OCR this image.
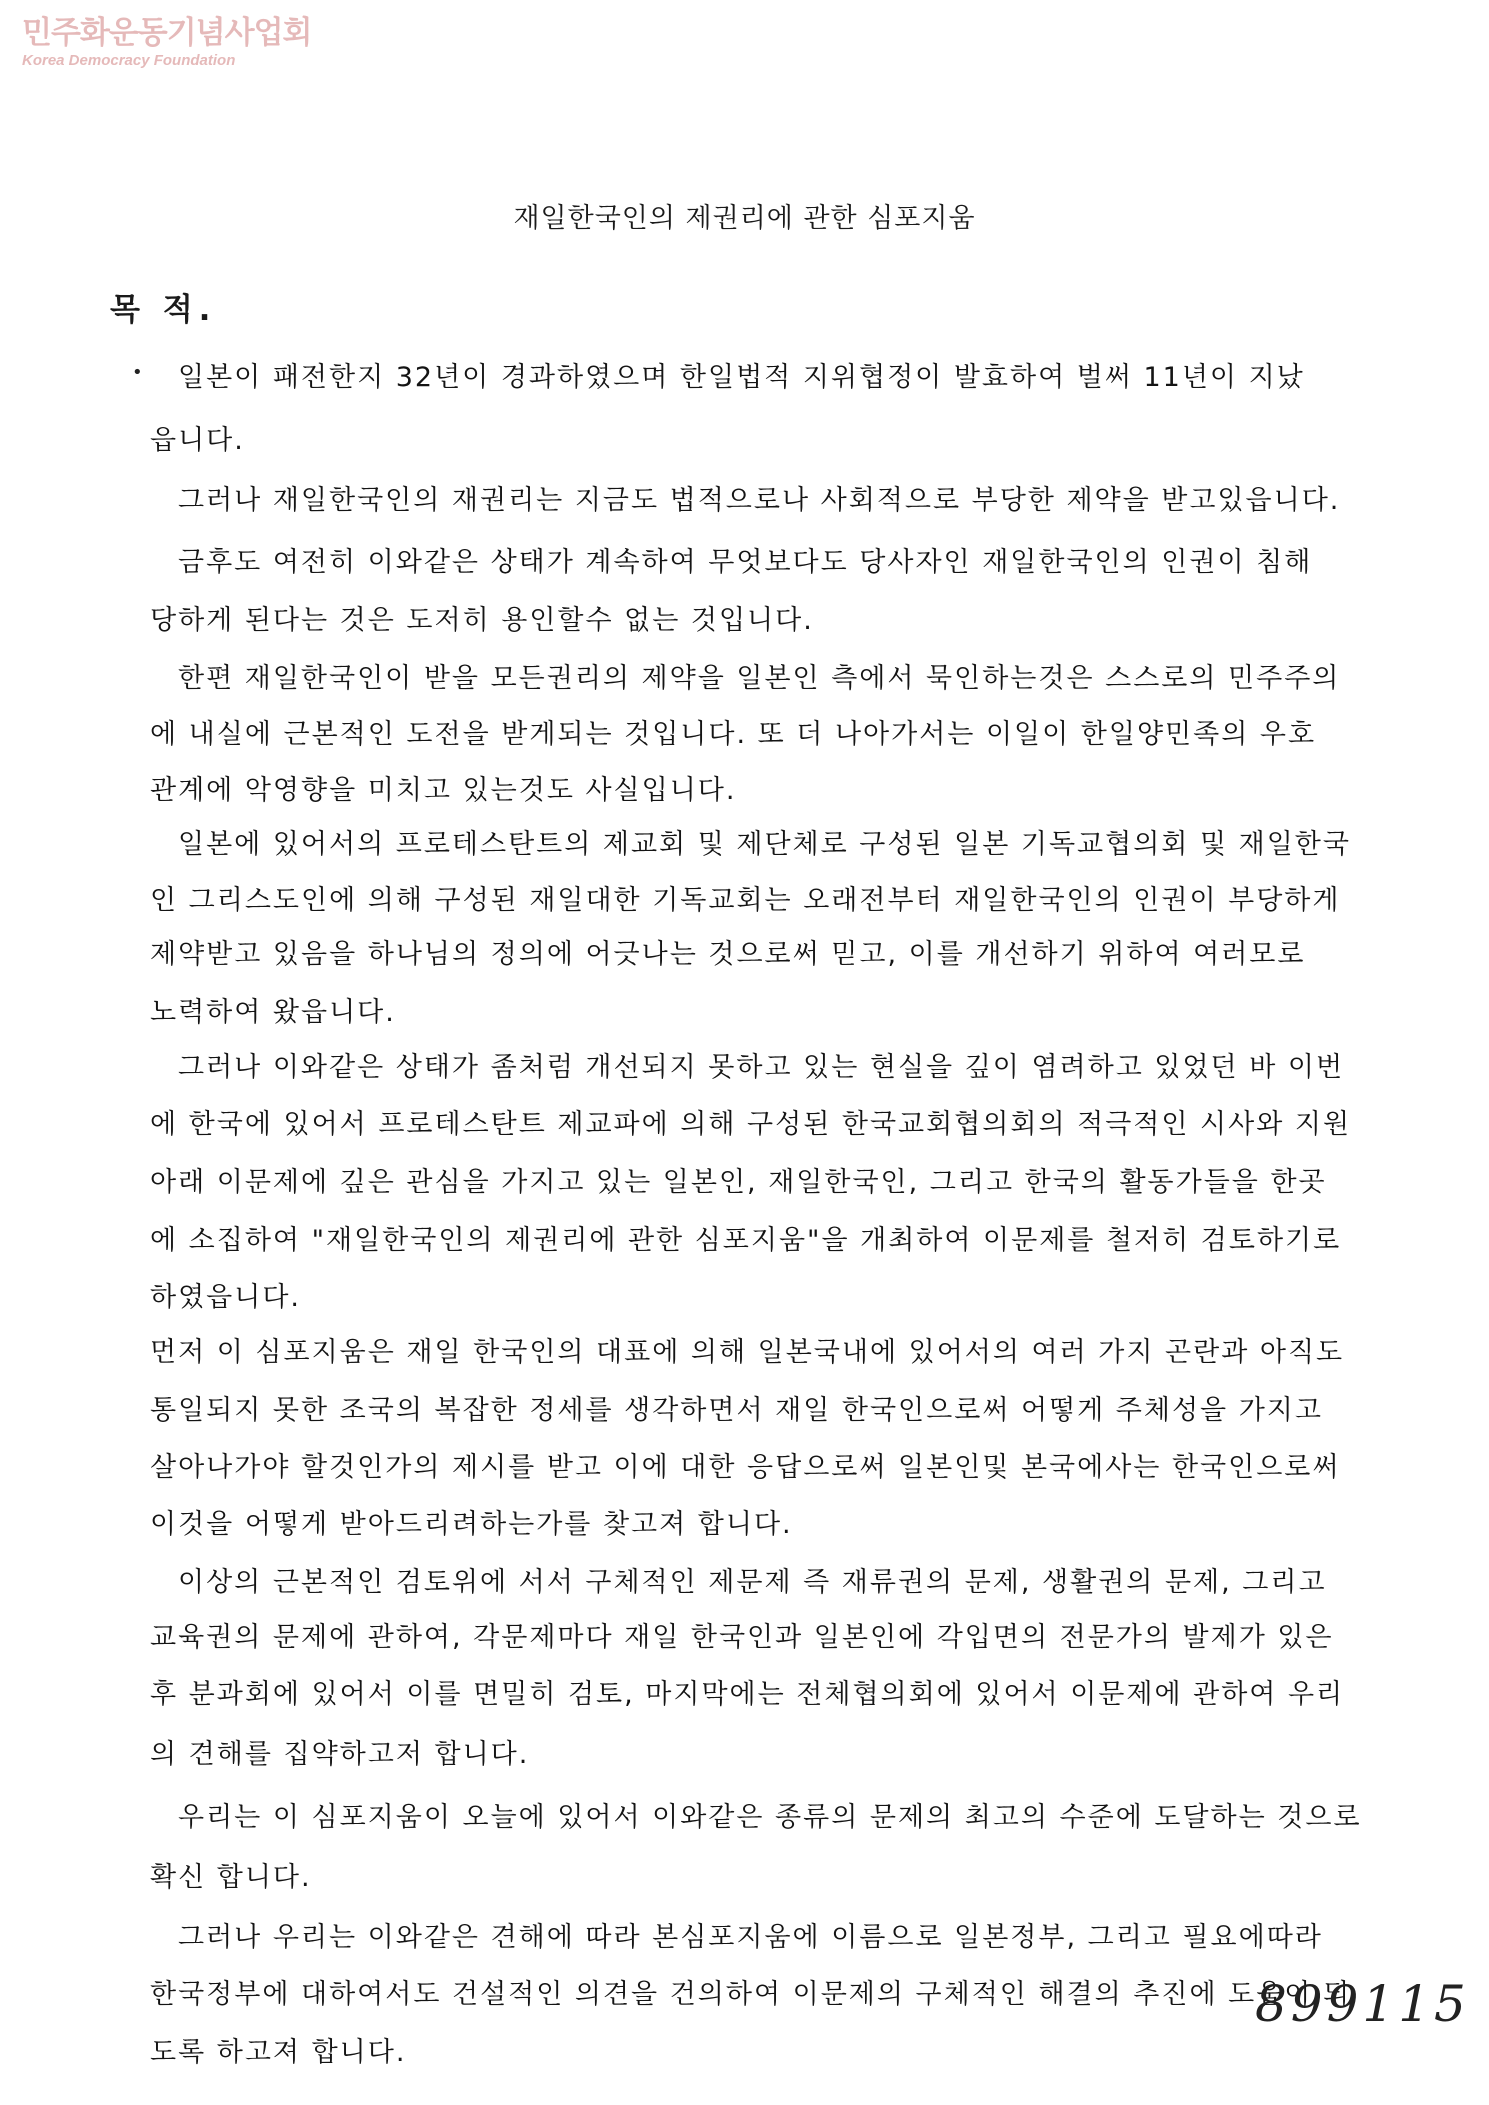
민주화운동기념사업회
Korea Democracy Foundation
재일한국인의 제권리에 관한 심포지움
목 적.
• 일본이 패전한지 32년이 경과하였으며 한일법적 지위협정이 발효하여 벌써 11년이 지났
읍니다.
그러나 재일한국인의 재권리는 지금도 법적으로나 사회적으로 부당한 제약을 받고있읍니다.
금후도 여전히 이와같은 상태가 계속하여 무엇보다도 당사자인 재일한국인의 인권이 침해
당하게 된다는 것은 도저히 용인할수 없는 것입니다.
한편 재일한국인이 받을 모든권리의 제약을 일본인 측에서 묵인하는것은 스스로의 민주주의
에 내실에 근본적인 도전을 받게되는 것입니다. 또 더 나아가서는 이일이 한일양민족의 우호
관계에 악영향을 미치고 있는것도 사실입니다.
일본에 있어서의 프로테스탄트의 제교회 및 제단체로 구성된 일본 기독교협의회 및 재일한국
인 그리스도인에 의해 구성된 재일대한 기독교회는 오래전부터 재일한국인의 인권이 부당하게
제약받고 있음을 하나님의 정의에 어긋나는 것으로써 믿고, 이를 개선하기 위하여 여러모로
노력하여 왔읍니다.
그러나 이와같은 상태가 좀처럼 개선되지 못하고 있는 현실을 깊이 염려하고 있었던 바 이번
에 한국에 있어서 프로테스탄트 제교파에 의해 구성된 한국교회협의회의 적극적인 시사와 지원
아래 이문제에 깊은 관심을 가지고 있는 일본인, 재일한국인, 그리고 한국의 활동가들을 한곳
에 소집하여 "재일한국인의 제권리에 관한 심포지움"을 개최하여 이문제를 철저히 검토하기로
하였읍니다.
먼저 이 심포지움은 재일 한국인의 대표에 의해 일본국내에 있어서의 여러 가지 곤란과 아직도
통일되지 못한 조국의 복잡한 정세를 생각하면서 재일 한국인으로써 어떻게 주체성을 가지고
살아나가야 할것인가의 제시를 받고 이에 대한 응답으로써 일본인및 본국에사는 한국인으로써
이것을 어떻게 받아드리려하는가를 찾고져 합니다.
이상의 근본적인 검토위에 서서 구체적인 제문제 즉 재류권의 문제, 생활권의 문제, 그리고
교육권의 문제에 관하여, 각문제마다 재일 한국인과 일본인에 각입면의 전문가의 발제가 있은
후 분과회에 있어서 이를 면밀히 검토, 마지막에는 전체협의회에 있어서 이문제에 관하여 우리
의 견해를 집약하고저 합니다.
우리는 이 심포지움이 오늘에 있어서 이와같은 종류의 문제의 최고의 수준에 도달하는 것으로
확신 합니다.
그러나 우리는 이와같은 견해에 따라 본심포지움에 이름으로 일본정부, 그리고 필요에따라
한국정부에 대하여서도 건설적인 의견을 건의하여 이문제의 구체적인 해결의 추진에 도움이 되
도록 하고져 합니다.
899115
